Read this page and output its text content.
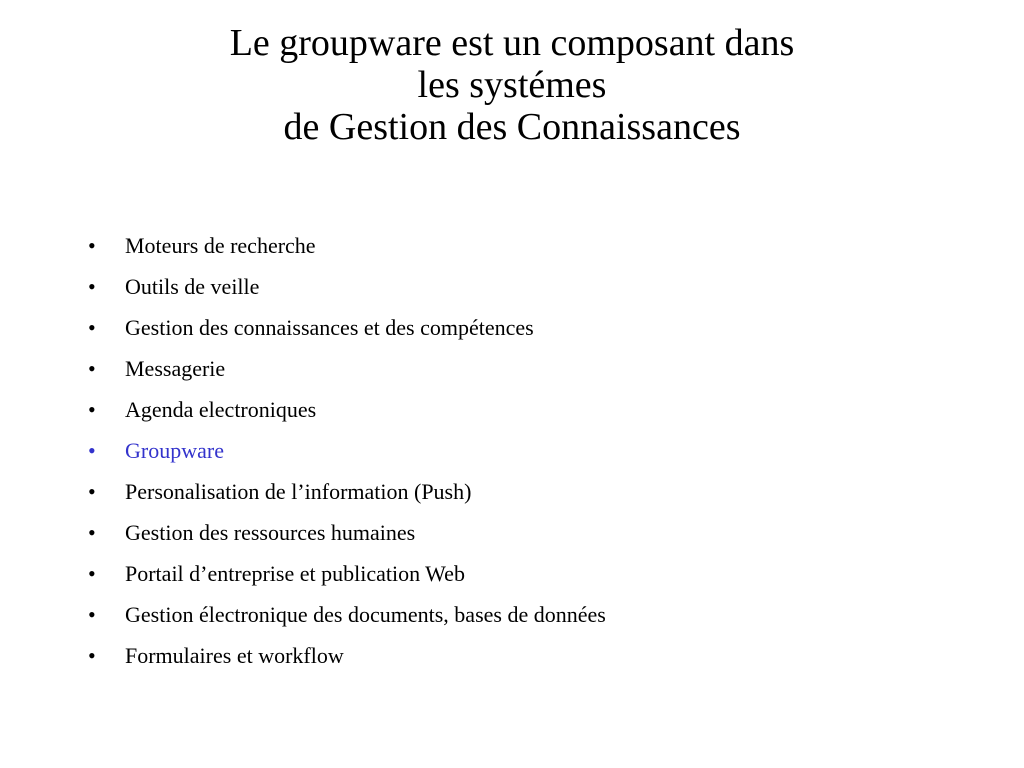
Le groupware est un composant dans
les systémes
de Gestion des Connaissances
•	Moteurs de recherche
•	Outils de veille
•	Gestion des connaissances et des compétences
•	Messagerie
•	Agenda electroniques
•	Groupware
•	Personalisation de l’information (Push)
•	Gestion des ressources humaines
•	Portail d’entreprise et publication Web
•	Gestion électronique des documents, bases de données
•	Formulaires et workflow
